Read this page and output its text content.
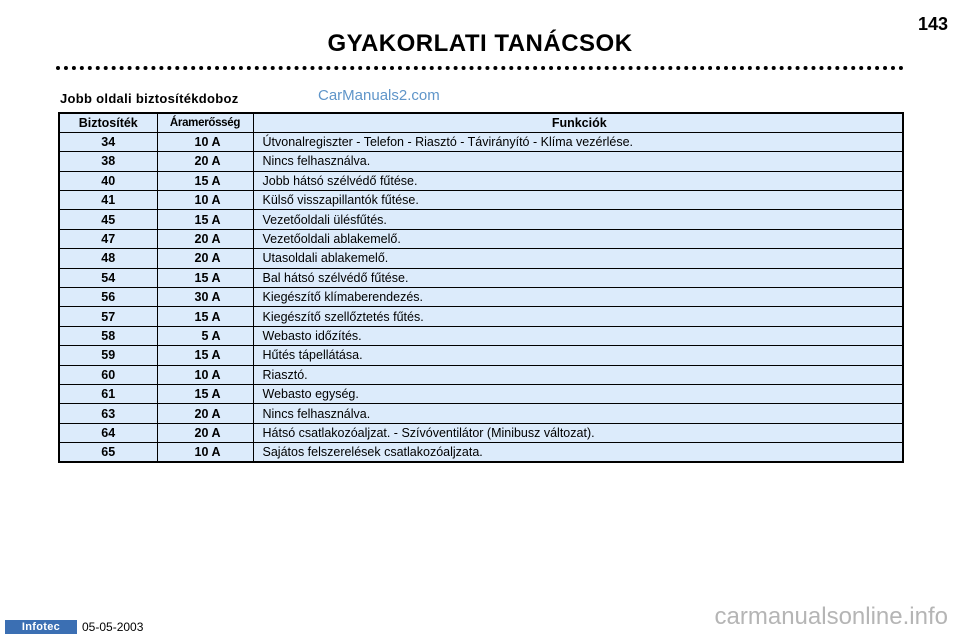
143
GYAKORLATI TANÁCSOK
Jobb oldali biztosítékdoboz	CarManuals2.com
Biztosíték	Áramerősség	Funkciók
34	10 A	Útvonalregiszter - Telefon - Riasztó - Távirányító - Klíma vezérlése.
38	20 A	Nincs felhasználva.
40	15 A	Jobb hátsó szélvédő fűtése.
41	10 A	Külső visszapillantók fűtése.
45	15 A	Vezetőoldali ülésfűtés.
47	20 A	Vezetőoldali ablakemelő.
48	20 A	Utasoldali ablakemelő.
54	15 A	Bal hátsó szélvédő fűtése.
56	30 A	Kiegészítő klímaberendezés.
57	15 A	Kiegészítő szellőztetés fűtés.
58	5 A	Webasto időzítés.
59	15 A	Hűtés tápellátása.
60	10 A	Riasztó.
61	15 A	Webasto egység.
63	20 A	Nincs felhasználva.
64	20 A	Hátsó csatlakozóaljzat. - Szívóventilátor (Minibusz változat).
65	10 A	Sajátos felszerelések csatlakozóaljzata.
Infotec	05-05-2003	carmanualsonline.info
